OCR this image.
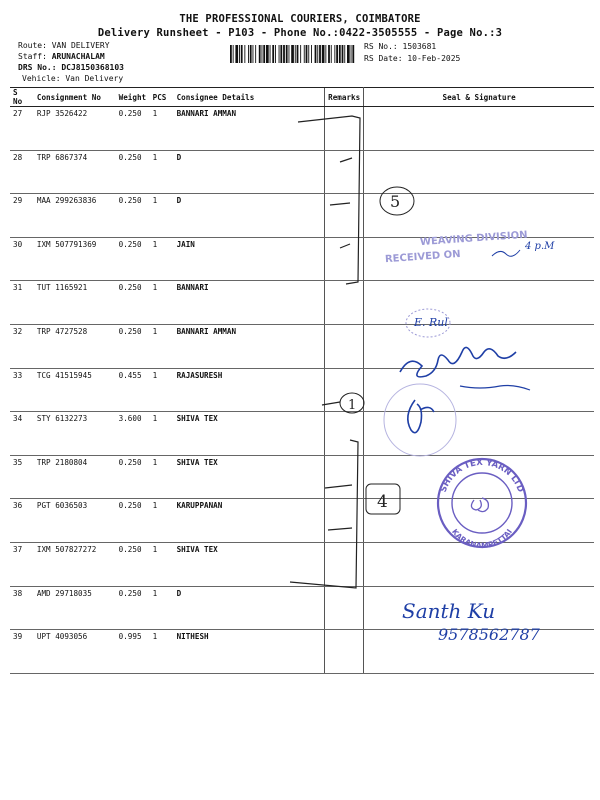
THE PROFESSIONAL COURIERS, COIMBATORE
Delivery Runsheet - P103 - Phone No.:0422-3505555 - Page No.:3
Route: VAN DELIVERY
Staff: ARUNACHALAM
DRS No.: DCJ8150368103
Vehicle: Van Delivery
RS No.: 1503681
RS Date: 10-Feb-2025
S No	Consignment No	Weight	PCS	Consignee Details	Remarks	Seal & Signature
27	RJP 3526422	0.250	1	BANNARI AMMAN		
28	TRP 6867374	0.250	1	D		
29	MAA 299263836	0.250	1	D		
30	IXM 507791369	0.250	1	JAIN		
31	TUT 1165921	0.250	1	BANNARI		
32	TRP 4727528	0.250	1	BANNARI AMMAN		
33	TCG 41515945	0.455	1	RAJASURESH		
34	STY 6132273	3.600	1	SHIVA TEX		
35	TRP 2180804	0.250	1	SHIVA TEX		
36	PGT 6036503	0.250	1	KARUPPANAN		
37	IXM 507827272	0.250	1	SHIVA TEX		
38	AMD 29718035	0.250	1	D		
39	UPT 4093056	0.995	1	NITHESH		
5
1
4
WEAVING DIVISION
RECEIVED ON
4 p.M
E. Rul
SHIVA TEX YARN LTD
KARANAMPETTAI
Santh Ku
9578562787
